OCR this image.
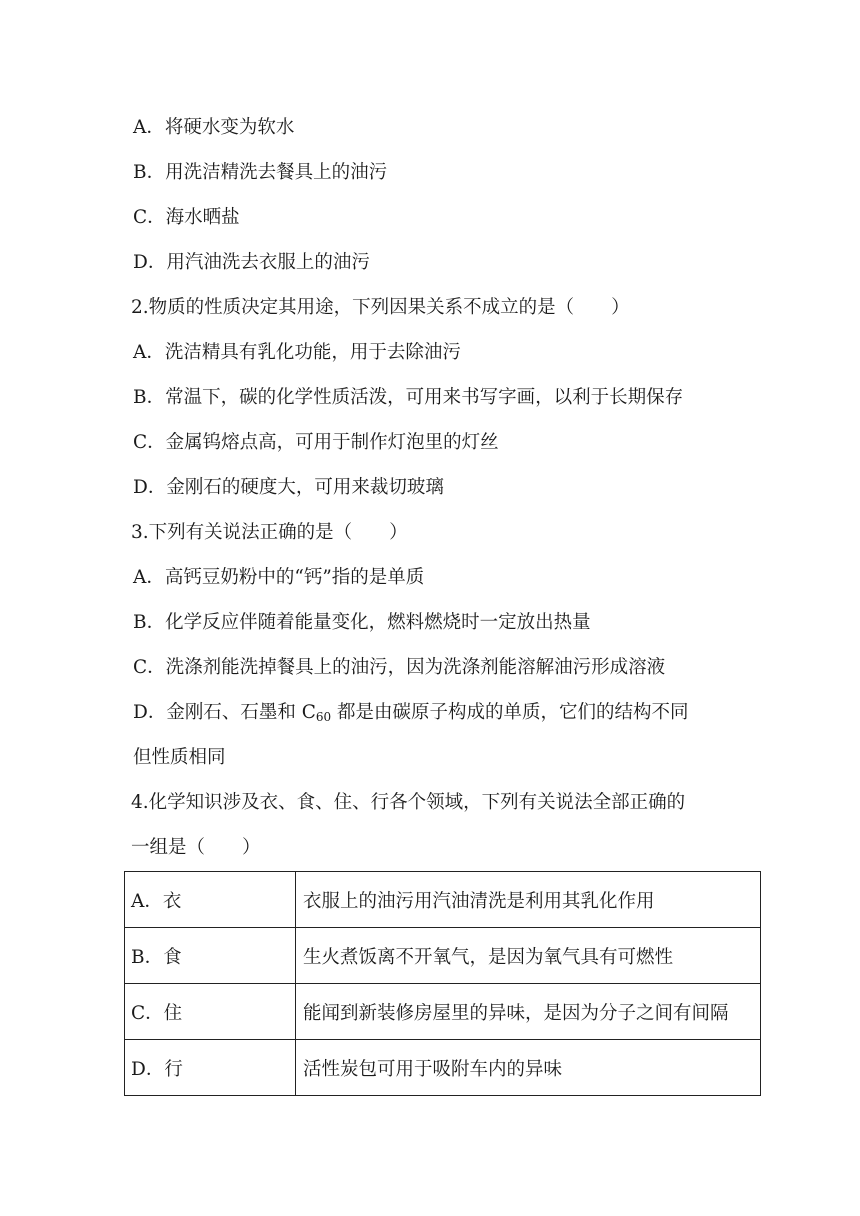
A．将硬水变为软水
B．用洗洁精洗去餐具上的油污
C．海水晒盐
D．用汽油洗去衣服上的油污
2.物质的性质决定其用途，下列因果关系不成立的是（　　）
A．洗洁精具有乳化功能，用于去除油污
B．常温下，碳的化学性质活泼，可用来书写字画，以利于长期保存
C．金属钨熔点高，可用于制作灯泡里的灯丝
D．金刚石的硬度大，可用来裁切玻璃
3.下列有关说法正确的是（　　）
A．高钙豆奶粉中的“钙”指的是单质
B．化学反应伴随着能量变化，燃料燃烧时一定放出热量
C．洗涤剂能洗掉餐具上的油污，因为洗涤剂能溶解油污形成溶液
D．金刚石、石墨和 $C_{60}$ 都是由碳原子构成的单质，它们的结构不同
但性质相同
4.化学知识涉及衣、食、住、行各个领域，下列有关说法全部正确的
一组是（　　）
A．衣	衣服上的油污用汽油清洗是利用其乳化作用
B．食	生火煮饭离不开氧气，是因为氧气具有可燃性
C．住	能闻到新装修房屋里的异味，是因为分子之间有间隔
D．行	活性炭包可用于吸附车内的异味
